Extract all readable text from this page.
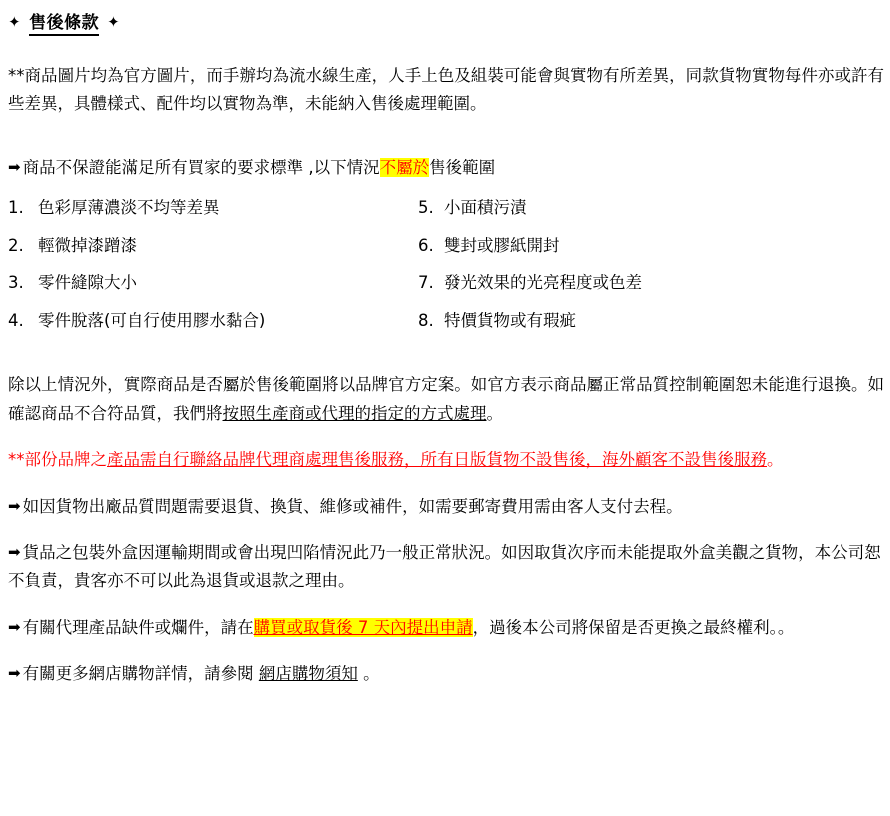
✦ 售後條款 ✦
**商品圖片均為官方圖片，而手辦均為流水線生產，人手上色及組裝可能會與實物有所差異，同款貨物實物每件亦或許有些差異，具體樣式、配件均以實物為準，未能納入售後處理範圍。
➡ 商品不保證能滿足所有買家的要求標準 ,以下情況不屬於售後範圍
1. 色彩厚薄濃淡不均等差異
2. 輕微掉漆蹭漆
3. 零件縫隙大小
4. 零件脫落(可自行使用膠水黏合)
5. 小面積污漬
6. 雙封或膠紙開封
7. 發光效果的光亮程度或色差
8. 特價貨物或有瑕疵
除以上情況外，實際商品是否屬於售後範圍將以品牌官方定案。如官方表示商品屬正常品質控制範圍恕未能進行退換。如確認商品不合符品質，我們將按照生產商或代理的指定的方式處理。
**部份品牌之產品需自行聯絡品牌代理商處理售後服務，所有日版貨物不設售後，海外顧客不設售後服務。
➡ 如因貨物出廠品質問題需要退貨、換貨、維修或補件，如需要郵寄費用需由客人支付去程。
➡ 貨品之包裝外盒因運輸期間或會出現凹陷情況此乃一般正常狀況。如因取貨次序而未能提取外盒美觀之貨物，本公司恕不負責，貴客亦不可以此為退貨或退款之理由。
➡ 有關代理產品缺件或爛件，請在購買或取貨後 7 天內提出申請，過後本公司將保留是否更換之最終權利。。
➡ 有關更多網店購物詳情，請參閱 網店購物須知 。
